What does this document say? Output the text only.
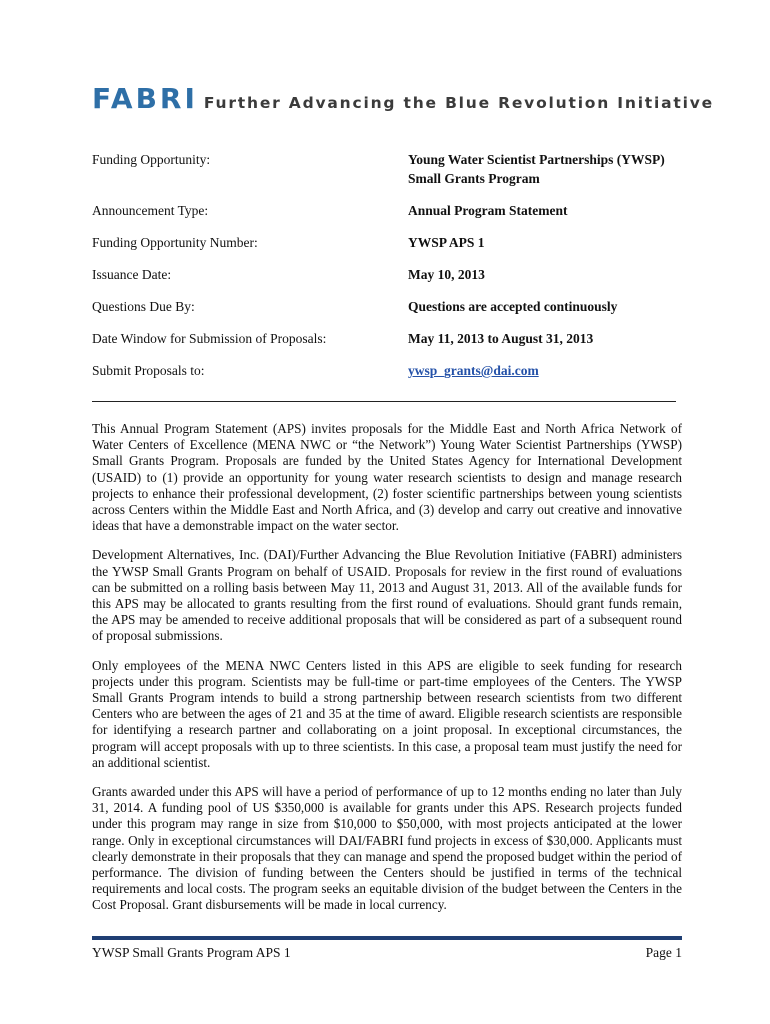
FABRI Further Advancing the Blue Revolution Initiative
Funding Opportunity:	Young Water Scientist Partnerships (YWSP) Small Grants Program
Announcement Type:	Annual Program Statement
Funding Opportunity Number:	YWSP APS 1
Issuance Date:	May 10, 2013
Questions Due By:	Questions are accepted continuously
Date Window for Submission of Proposals:	May 11, 2013 to August 31, 2013
Submit Proposals to:	ywsp_grants@dai.com

This Annual Program Statement (APS) invites proposals for the Middle East and North Africa Network of Water Centers of Excellence (MENA NWC or “the Network”) Young Water Scientist Partnerships (YWSP) Small Grants Program. Proposals are funded by the United States Agency for International Development (USAID) to (1) provide an opportunity for young water research scientists to design and manage research projects to enhance their professional development, (2) foster scientific partnerships between young scientists across Centers within the Middle East and North Africa, and (3) develop and carry out creative and innovative ideas that have a demonstrable impact on the water sector.

Development Alternatives, Inc. (DAI)/Further Advancing the Blue Revolution Initiative (FABRI) administers the YWSP Small Grants Program on behalf of USAID. Proposals for review in the first round of evaluations can be submitted on a rolling basis between May 11, 2013 and August 31, 2013. All of the available funds for this APS may be allocated to grants resulting from the first round of evaluations. Should grant funds remain, the APS may be amended to receive additional proposals that will be considered as part of a subsequent round of proposal submissions.

Only employees of the MENA NWC Centers listed in this APS are eligible to seek funding for research projects under this program. Scientists may be full-time or part-time employees of the Centers. The YWSP Small Grants Program intends to build a strong partnership between research scientists from two different Centers who are between the ages of 21 and 35 at the time of award. Eligible research scientists are responsible for identifying a research partner and collaborating on a joint proposal. In exceptional circumstances, the program will accept proposals with up to three scientists. In this case, a proposal team must justify the need for an additional scientist.

Grants awarded under this APS will have a period of performance of up to 12 months ending no later than July 31, 2014. A funding pool of US $350,000 is available for grants under this APS. Research projects funded under this program may range in size from $10,000 to $50,000, with most projects anticipated at the lower range. Only in exceptional circumstances will DAI/FABRI fund projects in excess of $30,000. Applicants must clearly demonstrate in their proposals that they can manage and spend the proposed budget within the period of performance. The division of funding between the Centers should be justified in terms of the technical requirements and local costs. The program seeks an equitable division of the budget between the Centers in the Cost Proposal. Grant disbursements will be made in local currency.

YWSP Small Grants Program APS 1	Page 1
